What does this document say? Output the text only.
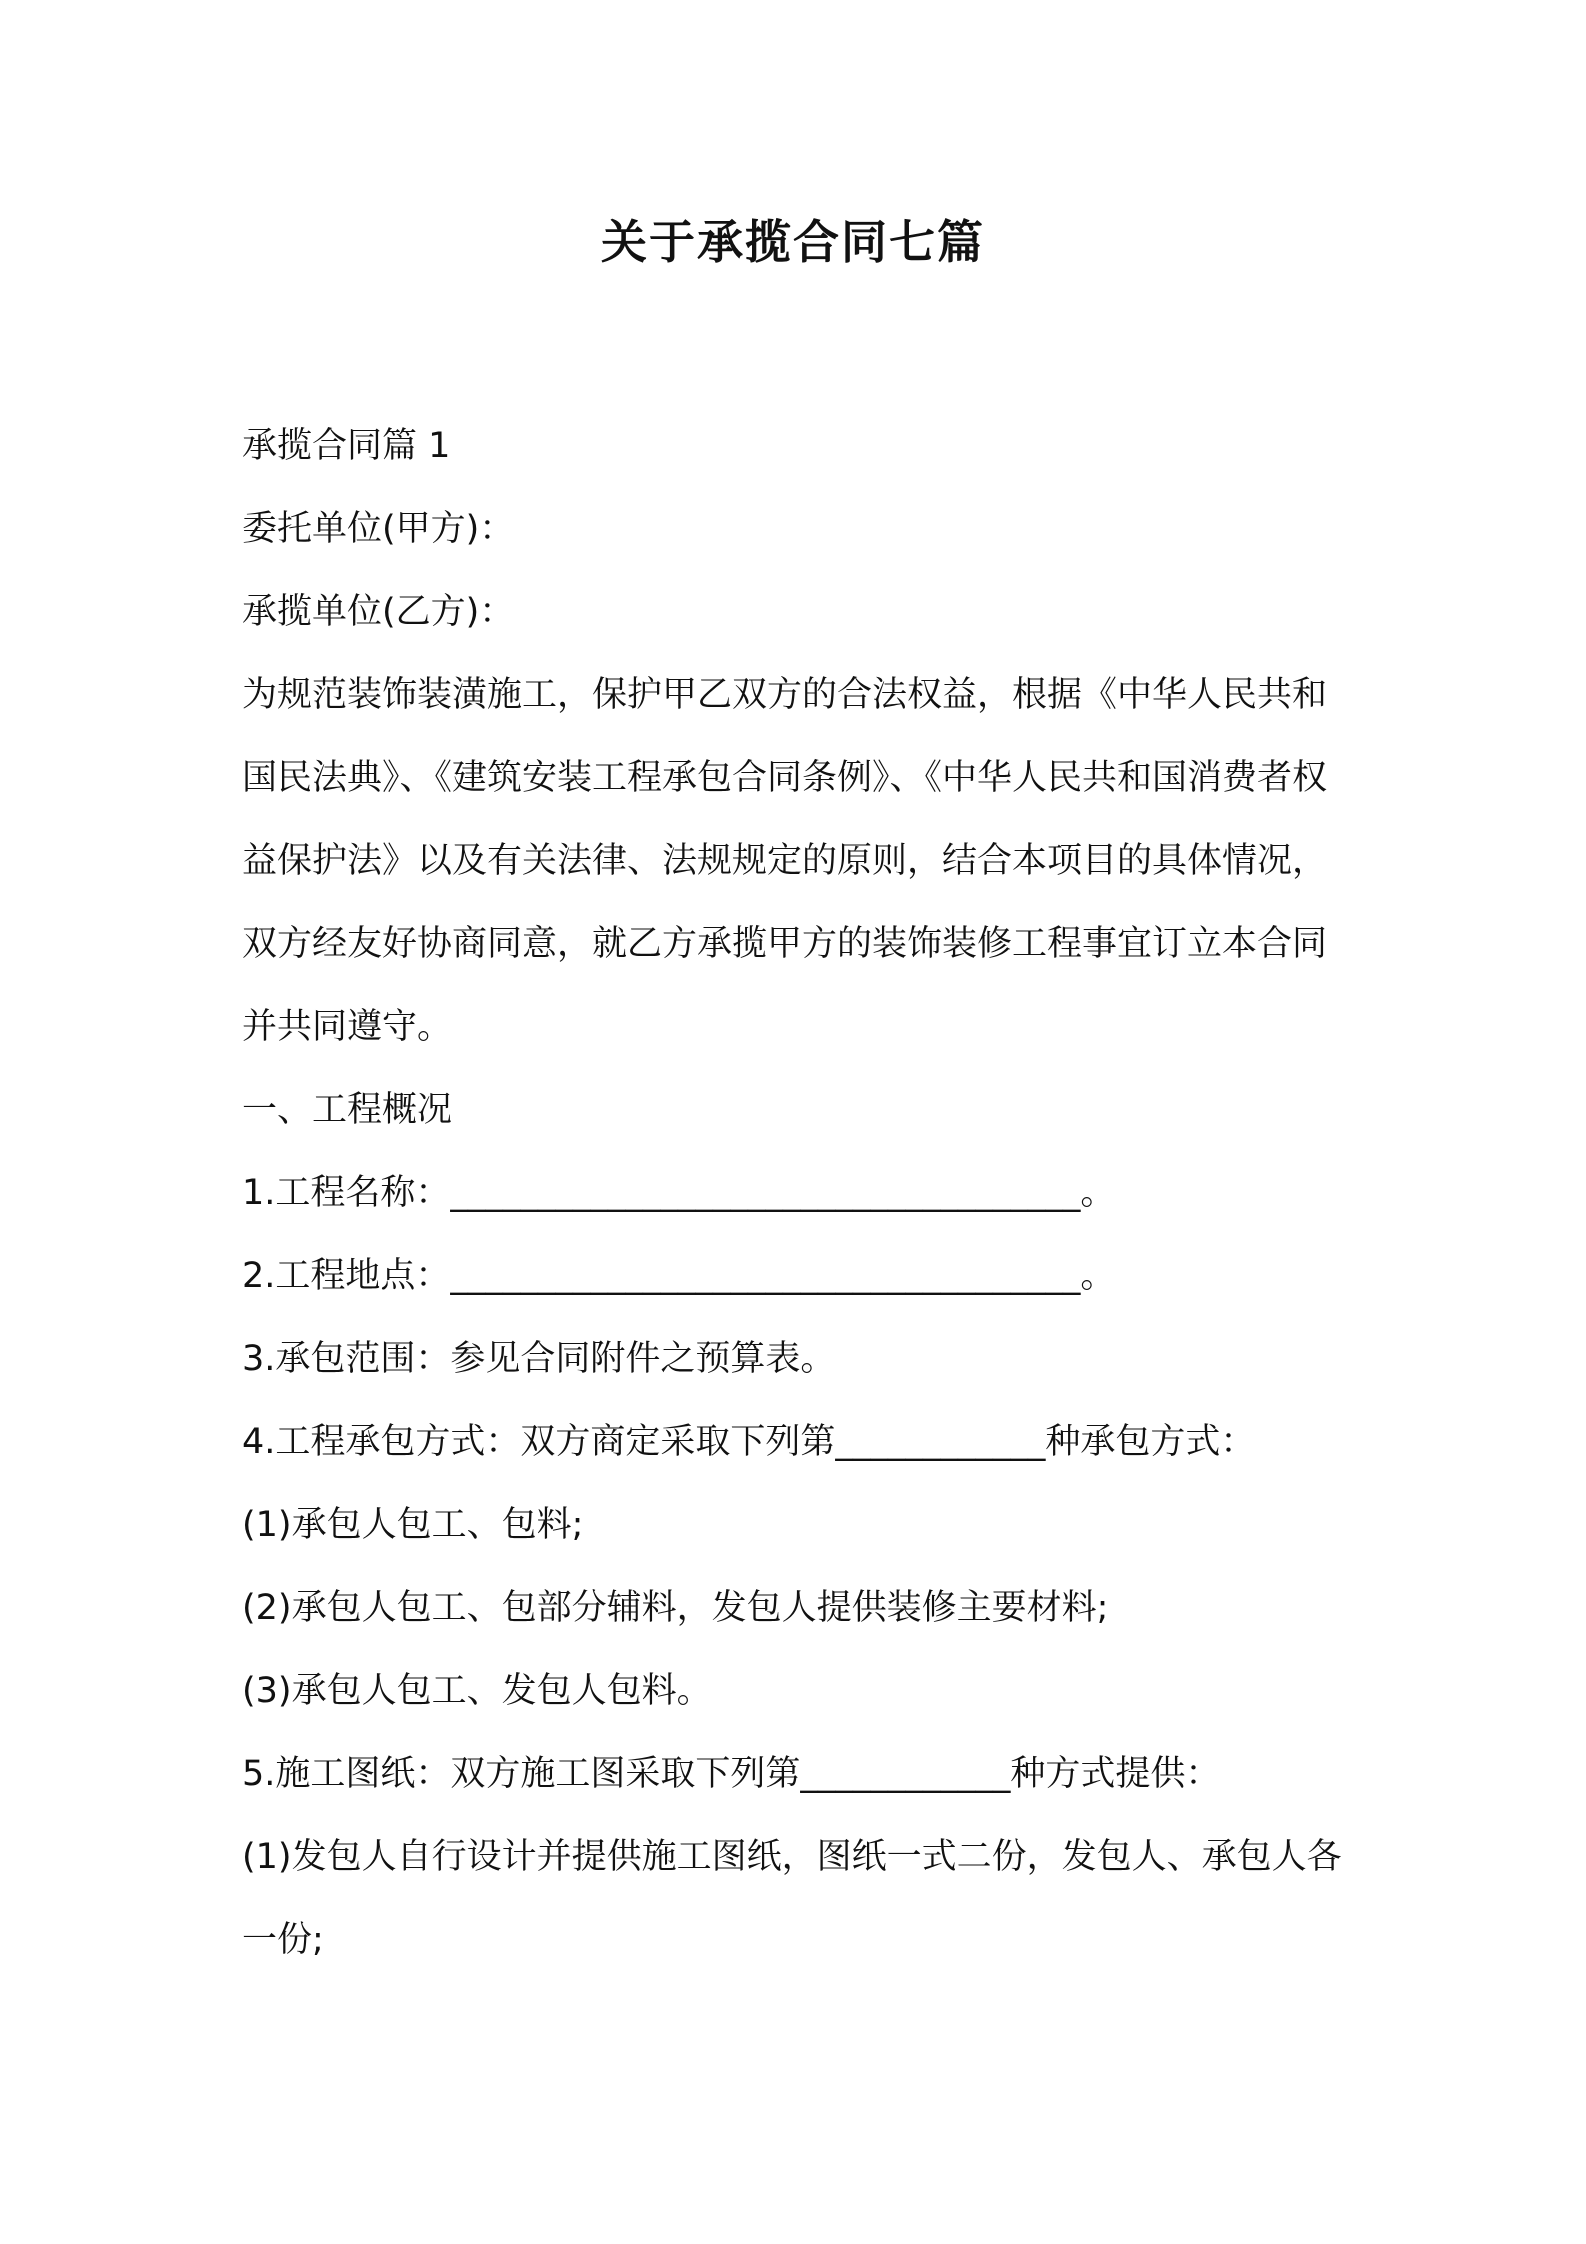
关于承揽合同七篇

承揽合同篇 1

委托单位(甲方)：

承揽单位(乙方)：

为规范装饰装潢施工，保护甲乙双方的合法权益，根据《中华人民共和国民法典》、《建筑安装工程承包合同条例》、《中华人民共和国消费者权益保护法》以及有关法律、法规规定的原则，结合本项目的具体情况，双方经友好协商同意，就乙方承揽甲方的装饰装修工程事宜订立本合同并共同遵守。

一、工程概况

1.工程名称：____________________________________。

2.工程地点：____________________________________。

3.承包范围：参见合同附件之预算表。

4.工程承包方式：双方商定采取下列第____________种承包方式：

(1)承包人包工、包料;

(2)承包人包工、包部分辅料，发包人提供装修主要材料;

(3)承包人包工、发包人包料。

5.施工图纸：双方施工图采取下列第____________种方式提供：

(1)发包人自行设计并提供施工图纸，图纸一式二份，发包人、承包人各一份;
